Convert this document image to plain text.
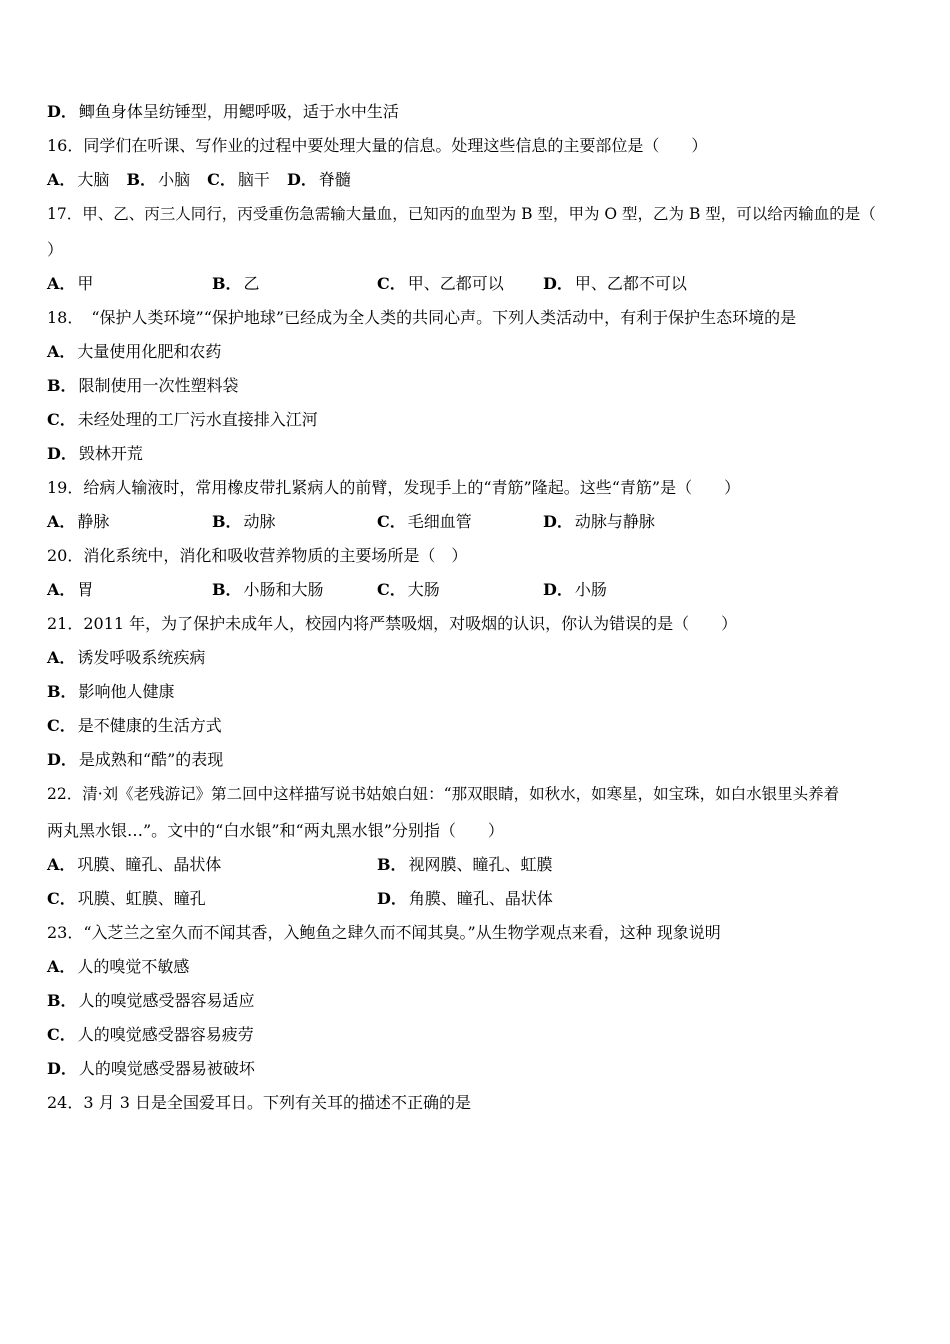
D． 鲫鱼身体呈纺锤型，用鳃呼吸，适于水中生活
16．同学们在听课、写作业的过程中要处理大量的信息。处理这些信息的主要部位是（　　）
A． 大脑 B． 小脑 C． 脑干 D． 脊髓
17．甲、乙、丙三人同行，丙受重伤急需输大量血，已知丙的血型为 B 型，甲为 O 型，乙为 B 型，可以给丙输血的是（
）
A． 甲	B． 乙	C． 甲、乙都可以 D． 甲、乙都不可以
18．　“保护人类环境”“保护地球”已经成为全人类的共同心声。下列人类活动中，有利于保护生态环境的是
A． 大量使用化肥和农药
B． 限制使用一次性塑料袋
C． 未经处理的工厂污水直接排入江河
D． 毁林开荒
19．给病人输液时，常用橡皮带扎紧病人的前臂，发现手上的“青筋”隆起。这些“青筋”是（　　）
A． 静脉	B． 动脉	C． 毛细血管	D． 动脉与静脉
20．消化系统中，消化和吸收营养物质的主要场所是（　）
A． 胃	B． 小肠和大肠	C． 大肠	D． 小肠
21．2011 年，为了保护未成年人，校园内将严禁吸烟，对吸烟的认识，你认为错误的是（　　）
A． 诱发呼吸系统疾病
B． 影响他人健康
C． 是不健康的生活方式
D． 是成熟和“酷”的表现
22．清·刘《老残游记》第二回中这样描写说书姑娘白妞：“那双眼睛，如秋水，如寒星，如宝珠，如白水银里头养着
两丸黑水银…”。文中的“白水银”和“两丸黑水银”分别指（　　）
A． 巩膜、瞳孔、晶状体	B． 视网膜、瞳孔、虹膜
C． 巩膜、虹膜、瞳孔	D． 角膜、瞳孔、晶状体
23．“入芝兰之室久而不闻其香，入鲍鱼之肆久而不闻其臭。”从生物学观点来看，这种 现象说明
A． 人的嗅觉不敏感
B． 人的嗅觉感受器容易适应
C． 人的嗅觉感受器容易疲劳
D． 人的嗅觉感受器易被破坏
24．3 月 3 日是全国爱耳日。下列有关耳的描述不正确的是
